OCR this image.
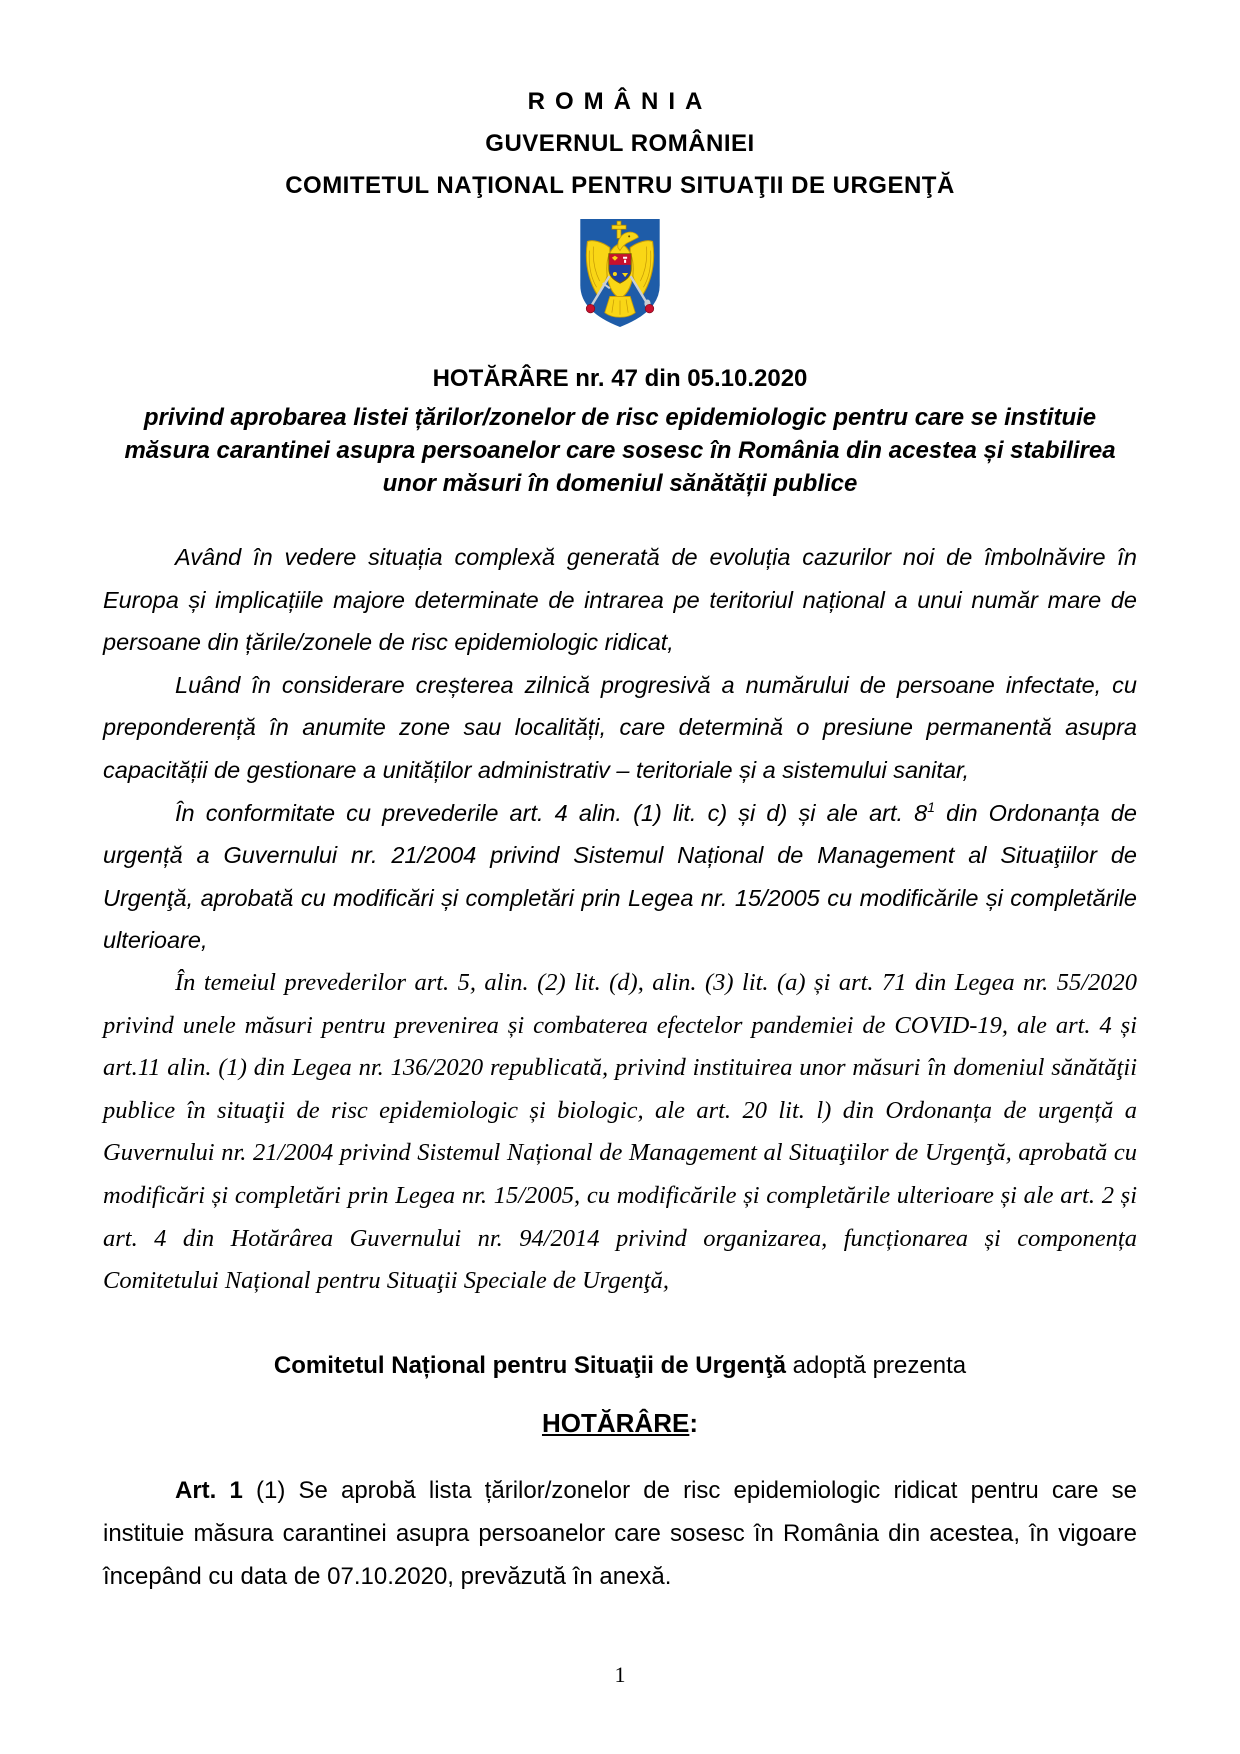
ROMÂNIA

GUVERNUL ROMÂNIEI

COMITETUL NAŢIONAL PENTRU SITUAŢII DE URGENŢĂ

HOTĂRÂRE nr. 47 din 05.10.2020

privind aprobarea listei țărilor/zonelor de risc epidemiologic pentru care se instituie măsura carantinei asupra persoanelor care sosesc în România din acestea și stabilirea unor măsuri în domeniul sănătății publice

Având în vedere situația complexă generată de evoluția cazurilor noi de îmbolnăvire în Europa și implicațiile majore determinate de intrarea pe teritoriul național a unui număr mare de persoane din țările/zonele de risc epidemiologic ridicat,

Luând în considerare creșterea zilnică progresivă a numărului de persoane infectate, cu preponderență în anumite zone sau localități, care determină o presiune permanentă asupra capacității de gestionare a unităților administrativ – teritoriale și a sistemului sanitar,

În conformitate cu prevederile art. 4 alin. (1) lit. c) și d) și ale art. $8^1$ din Ordonanța de urgență a Guvernului nr. 21/2004 privind Sistemul Național de Management al Situaţiilor de Urgenţă, aprobată cu modificări și completări prin Legea nr. 15/2005 cu modificările și completările ulterioare,

În temeiul prevederilor art. 5, alin. (2) lit. (d), alin. (3) lit. (a) și art. 71 din Legea nr. 55/2020 privind unele măsuri pentru prevenirea și combaterea efectelor pandemiei de COVID-19, ale art. 4 și art.11 alin. (1) din Legea nr. 136/2020 republicată, privind instituirea unor măsuri în domeniul sănătăţii publice în situaţii de risc epidemiologic și biologic, ale art. 20 lit. l) din Ordonanța de urgență a Guvernului nr. 21/2004 privind Sistemul Național de Management al Situaţiilor de Urgenţă, aprobată cu modificări și completări prin Legea nr. 15/2005, cu modificările și completările ulterioare și ale art. 2 și art. 4 din Hotărârea Guvernului nr. 94/2014 privind organizarea, funcționarea și componența Comitetului Național pentru Situaţii Speciale de Urgenţă,

Comitetul Național pentru Situaţii de Urgenţă adoptă prezenta

HOTĂRÂRE:

Art. 1 (1) Se aprobă lista țărilor/zonelor de risc epidemiologic ridicat pentru care se instituie măsura carantinei asupra persoanelor care sosesc în România din acestea, în vigoare începând cu data de 07.10.2020, prevăzută în anexă.

1
